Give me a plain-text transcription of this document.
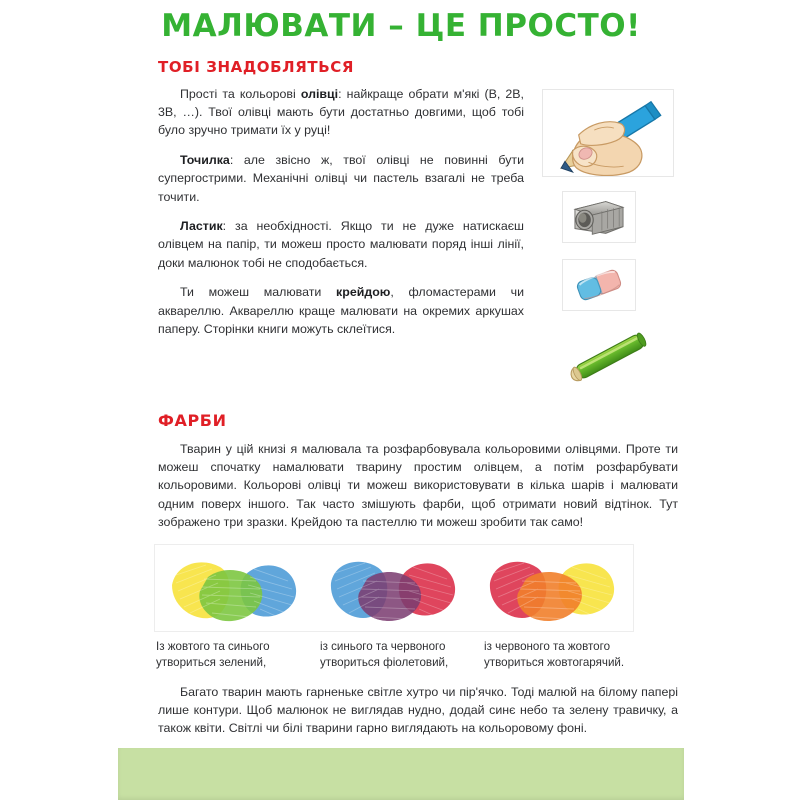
МАЛЮВАТИ – ЦЕ ПРОСТО!
ТОБІ ЗНАДОБЛЯТЬСЯ

Прості та кольорові олівці: найкраще обрати м'які (В, 2В, 3В, …). Твої олівці мають бути достатньо довгими, щоб тобі було зручно тримати їх у руці!

Точилка: але звісно ж, твої олівці не повинні бути супергострими. Механічні олівці чи пастель взагалі не треба точити.

Ластик: за необхідності. Якщо ти не дуже натискаєш олівцем на папір, ти можеш просто малювати поряд інші лінії, доки малюнок тобі не сподобається.

Ти можеш малювати крейдою, фломастерами чи аквареллю. Аквареллю краще малювати на окремих аркушах паперу. Сторінки книги можуть склеїтися.

ФАРБИ

Тварин у цій книзі я малювала та розфарбовувала кольоровими олівцями. Проте ти можеш спочатку намалювати тварину простим олівцем, а потім розфарбувати кольоровими. Кольорові олівці ти можеш використовувати в кілька шарів і малювати одним поверх іншого. Так часто змішують фарби, щоб отримати новий відтінок. Тут зображено три зразки. Крейдою та пастеллю ти можеш зробити так само!

Із жовтого та синього утвориться зелений,
із синього та червоного утвориться фіолетовий,
із червоного та жовтого утвориться жовтогарячий.

Багато тварин мають гарненьке світле хутро чи пір'ячко. Тоді малюй на білому папері лише контури. Щоб малюнок не виглядав нудно, додай синє небо та зелену травичку, а також квіти. Світлі чи білі тварини гарно виглядають на кольоровому фоні.
